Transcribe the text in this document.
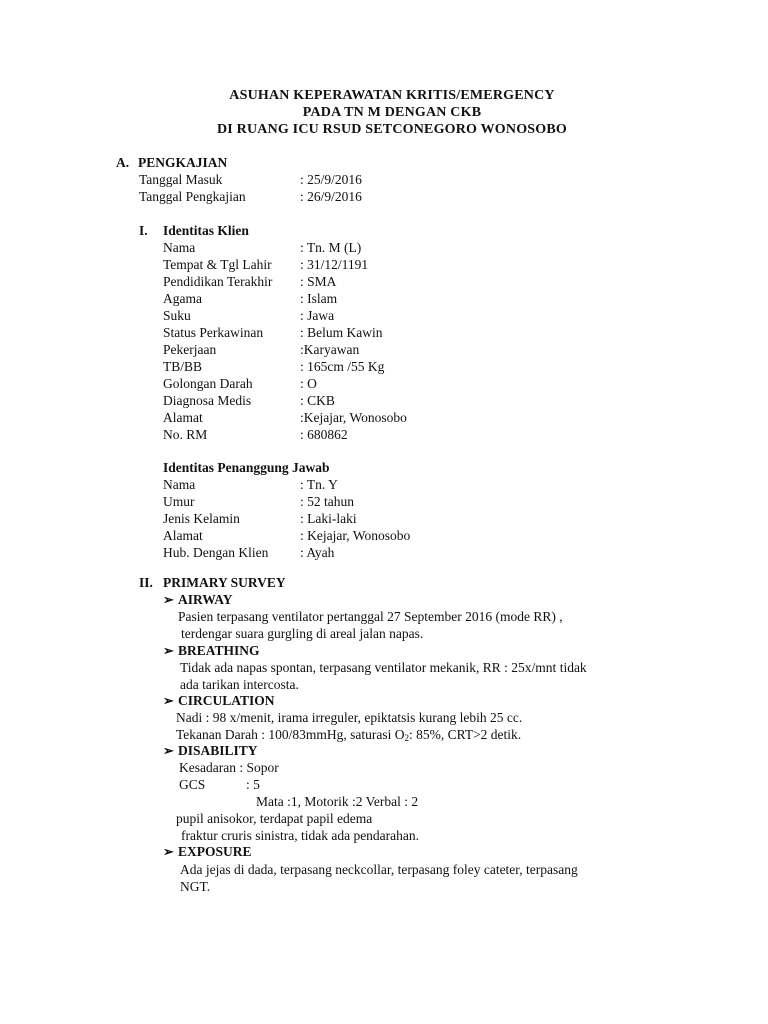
ASUHAN KEPERAWATAN KRITIS/EMERGENCY
PADA TN M DENGAN CKB
DI RUANG ICU RSUD SETCONEGORO WONOSOBO
A. PENGKAJIAN
Tanggal Masuk	: 25/9/2016
Tanggal Pengkajian	: 26/9/2016
I. Identitas Klien
Nama	: Tn. M (L)
Tempat & Tgl Lahir : 31/12/1191
Pendidikan Terakhir : SMA
Agama	: Islam
Suku	: Jawa
Status Perkawinan	: Belum Kawin
Pekerjaan	:Karyawan
TB/BB	: 165cm /55 Kg
Golongan Darah	: O
Diagnosa Medis	: CKB
Alamat	:Kejajar, Wonosobo
No. RM	: 680862
Identitas Penanggung Jawab
Nama	: Tn. Y
Umur	: 52 tahun
Jenis Kelamin	: Laki-laki
Alamat	: Kejajar, Wonosobo
Hub. Dengan Klien : Ayah
II. PRIMARY SURVEY
➢ AIRWAY
Pasien terpasang ventilator pertanggal 27 September 2016 (mode RR) ,
terdengar suara gurgling di areal jalan napas.
➢ BREATHING
Tidak ada napas spontan, terpasang ventilator mekanik, RR : 25x/mnt tidak
ada tarikan intercosta.
➢ CIRCULATION
Nadi : 98 x/menit, irama irreguler, epiktatsis kurang lebih 25 cc.
Tekanan Darah : 100/83mmHg, saturasi $O_2$: 85%, CRT>2 detik.
➢ DISABILITY
Kesadaran : Sopor
GCS	: 5
Mata :1, Motorik :2 Verbal : 2
pupil anisokor, terdapat papil edema
fraktur cruris sinistra, tidak ada pendarahan.
➢ EXPOSURE
Ada jejas di dada, terpasang neckcollar, terpasang foley cateter, terpasang
NGT.
